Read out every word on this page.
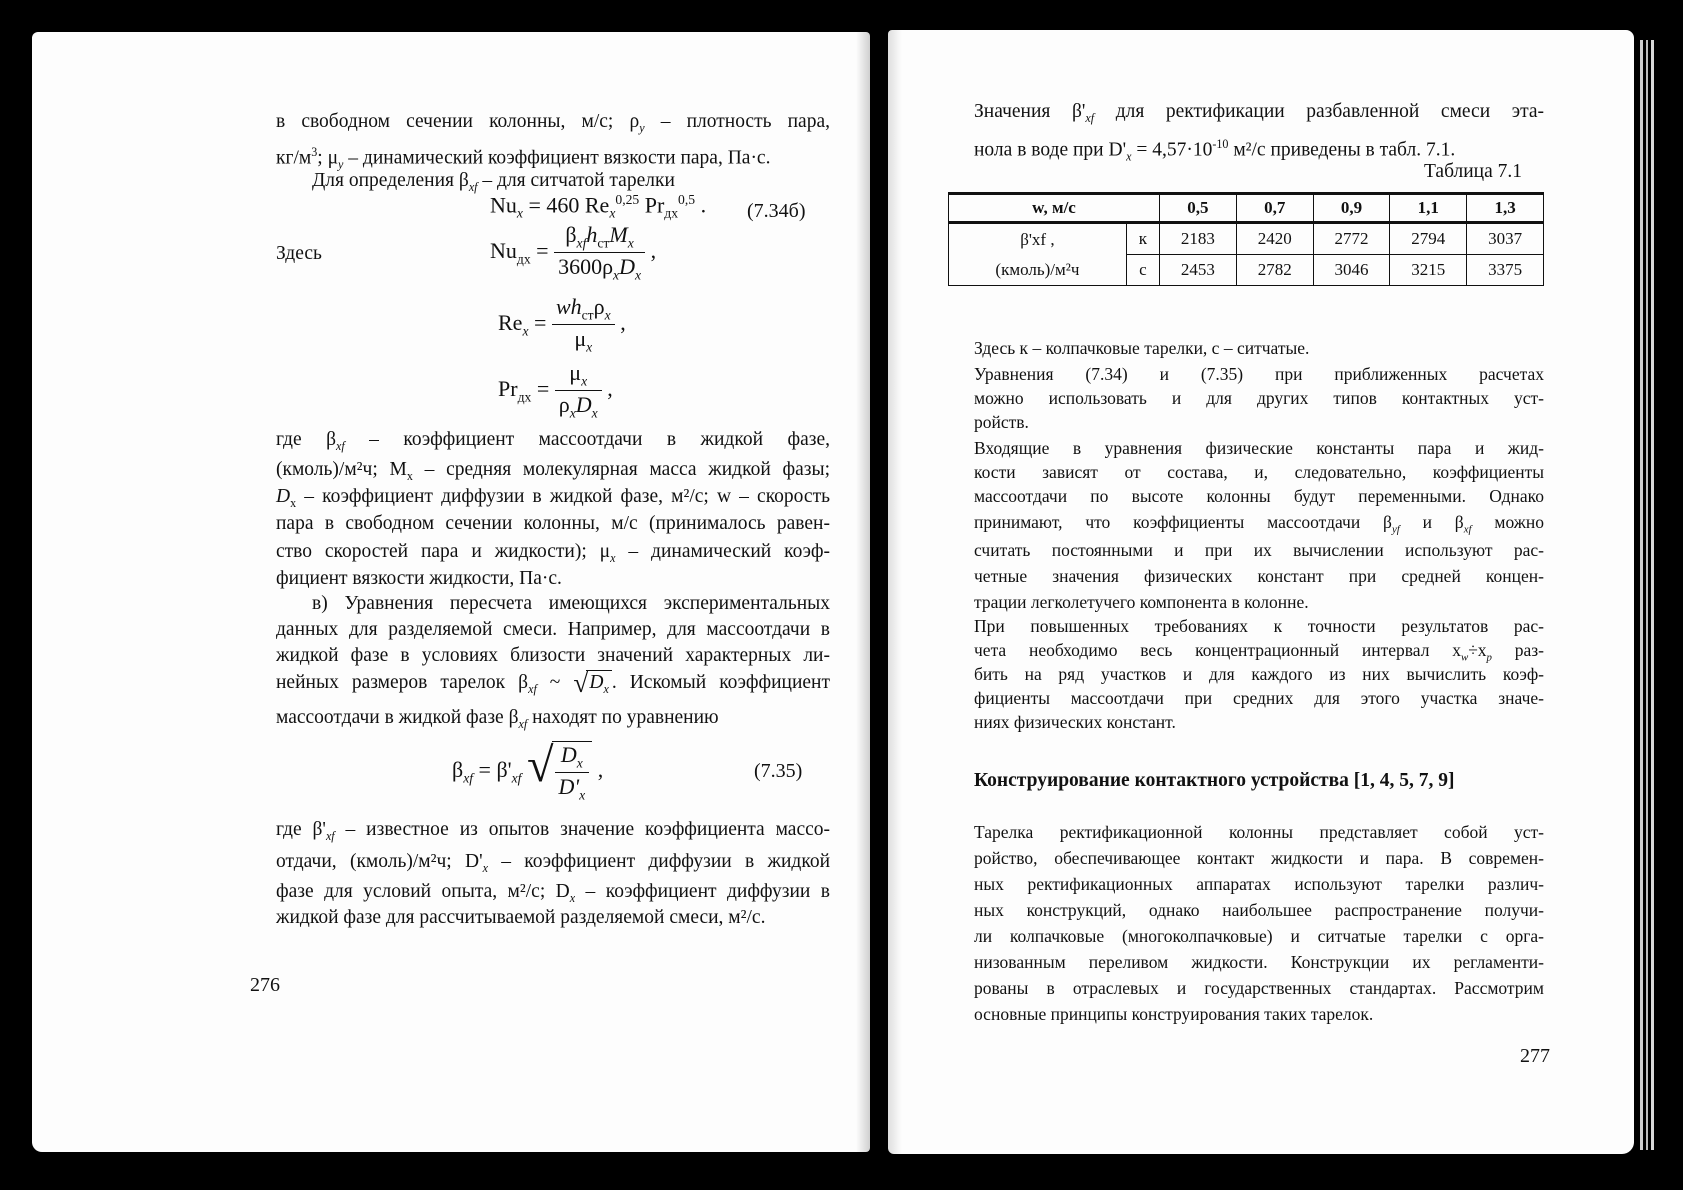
в свободном сечении колонны, м/с; $\rho_y$ – плотность пара,
$кг/м^3$; $\mu_y$ – динамический коэффициент вязкости пара, Па·с.
Для определения $\beta_{xf}$ – для ситчатой тарелки
$Nu_x = 460$ $Re_x^{0,25}$ $Pr_{дх}^{0,5}$ . (7.34б)
Здесь	$Nu_{дх} = \frac{\beta_{xf}h_{ст}M_x}{3600\rho_xD_x}$ ,
$Re_x = \frac{wh_{ст}\rho_x}{\mu_x}$ ,
$Pr_{дх} = \frac{\mu_x}{\rho_xD_x}$ ,
где $\beta_{xf}$ – коэффициент массоотдачи в жидкой фазе,
(кмоль)/м²ч; $M_x$ – средняя молекулярная масса жидкой фазы;
$D_x$ – коэффициент диффузии в жидкой фазе, м²/с; w – скорость
пара в свободном сечении колонны, м/с (принималось равен-
ство скоростей пара и жидкости); $\mu_x$ – динамический коэф-
фициент вязкости жидкости, Па·с.
в) Уравнения пересчета имеющихся экспериментальных
данных для разделяемой смеси. Например, для массоотдачи в
жидкой фазе в условиях близости значений характерных ли-
нейных размеров тарелок $\beta_{xf}$ ~ $√D_x$ . Искомый коэффициент
массоотдачи в жидкой фазе $\beta_{xf}$ находят по уравнению
$\beta_{xf} = \beta'_{xf}$ √ $\frac{D_x}{D'_x}$ ,	(7.35)
где $\beta'_{xf}$ – известное из опытов значение коэффициента массо-
отдачи, (кмоль)/м²ч; $D'_x$ – коэффициент диффузии в жидкой
фазе для условий опыта, м²/с; $D_x$ – коэффициент диффузии в
жидкой фазе для рассчитываемой разделяемой смеси, м²/с.
276
Значения $\beta'_{xf}$ для ректификации разбавленной смеси эта-
нола в воде при $D'_x = 4,57\cdot 10^{-10}$ м²/с приведены в табл. 7.1.
Таблица 7.1
w, м/с		0,5	0,7	0,9	1,1	1,3
β'xf ,
(кмоль)/м²ч	к	2183	2420	2772	2794	3037
	с	2453	2782	3046	3215	3375
Здесь к – колпачковые тарелки, с – ситчатые.
Уравнения (7.34) и (7.35) при приближенных расчетах
можно использовать и для других типов контактных уст-
ройств.
Входящие в уравнения физические константы пара и жид-
кости зависят от состава, и, следовательно, коэффициенты
массоотдачи по высоте колонны будут переменными. Однако
принимают, что коэффициенты массоотдачи $\beta_{yf}$ и $\beta_{xf}$ можно
считать постоянными и при их вычислении используют рас-
четные значения физических констант при средней концен-
трации легколетучего компонента в колонне.
При повышенных требованиях к точности результатов рас-
чета необходимо весь концентрационный интервал $x_w\div x_p$ раз-
бить на ряд участков и для каждого из них вычислить коэф-
фициенты массоотдачи при средних для этого участка значе-
ниях физических констант.
Конструирование контактного устройства [1, 4, 5, 7, 9]
Тарелка ректификационной колонны представляет собой уст-
ройство, обеспечивающее контакт жидкости и пара. В современ-
ных ректификационных аппаратах используют тарелки различ-
ных конструкций, однако наибольшее распространение получи-
ли колпачковые (многоколпачковые) и ситчатые тарелки с орга-
низованным переливом жидкости. Конструкции их регламенти-
рованы в отраслевых и государственных стандартах. Рассмотрим
основные принципы конструирования таких тарелок.
277
